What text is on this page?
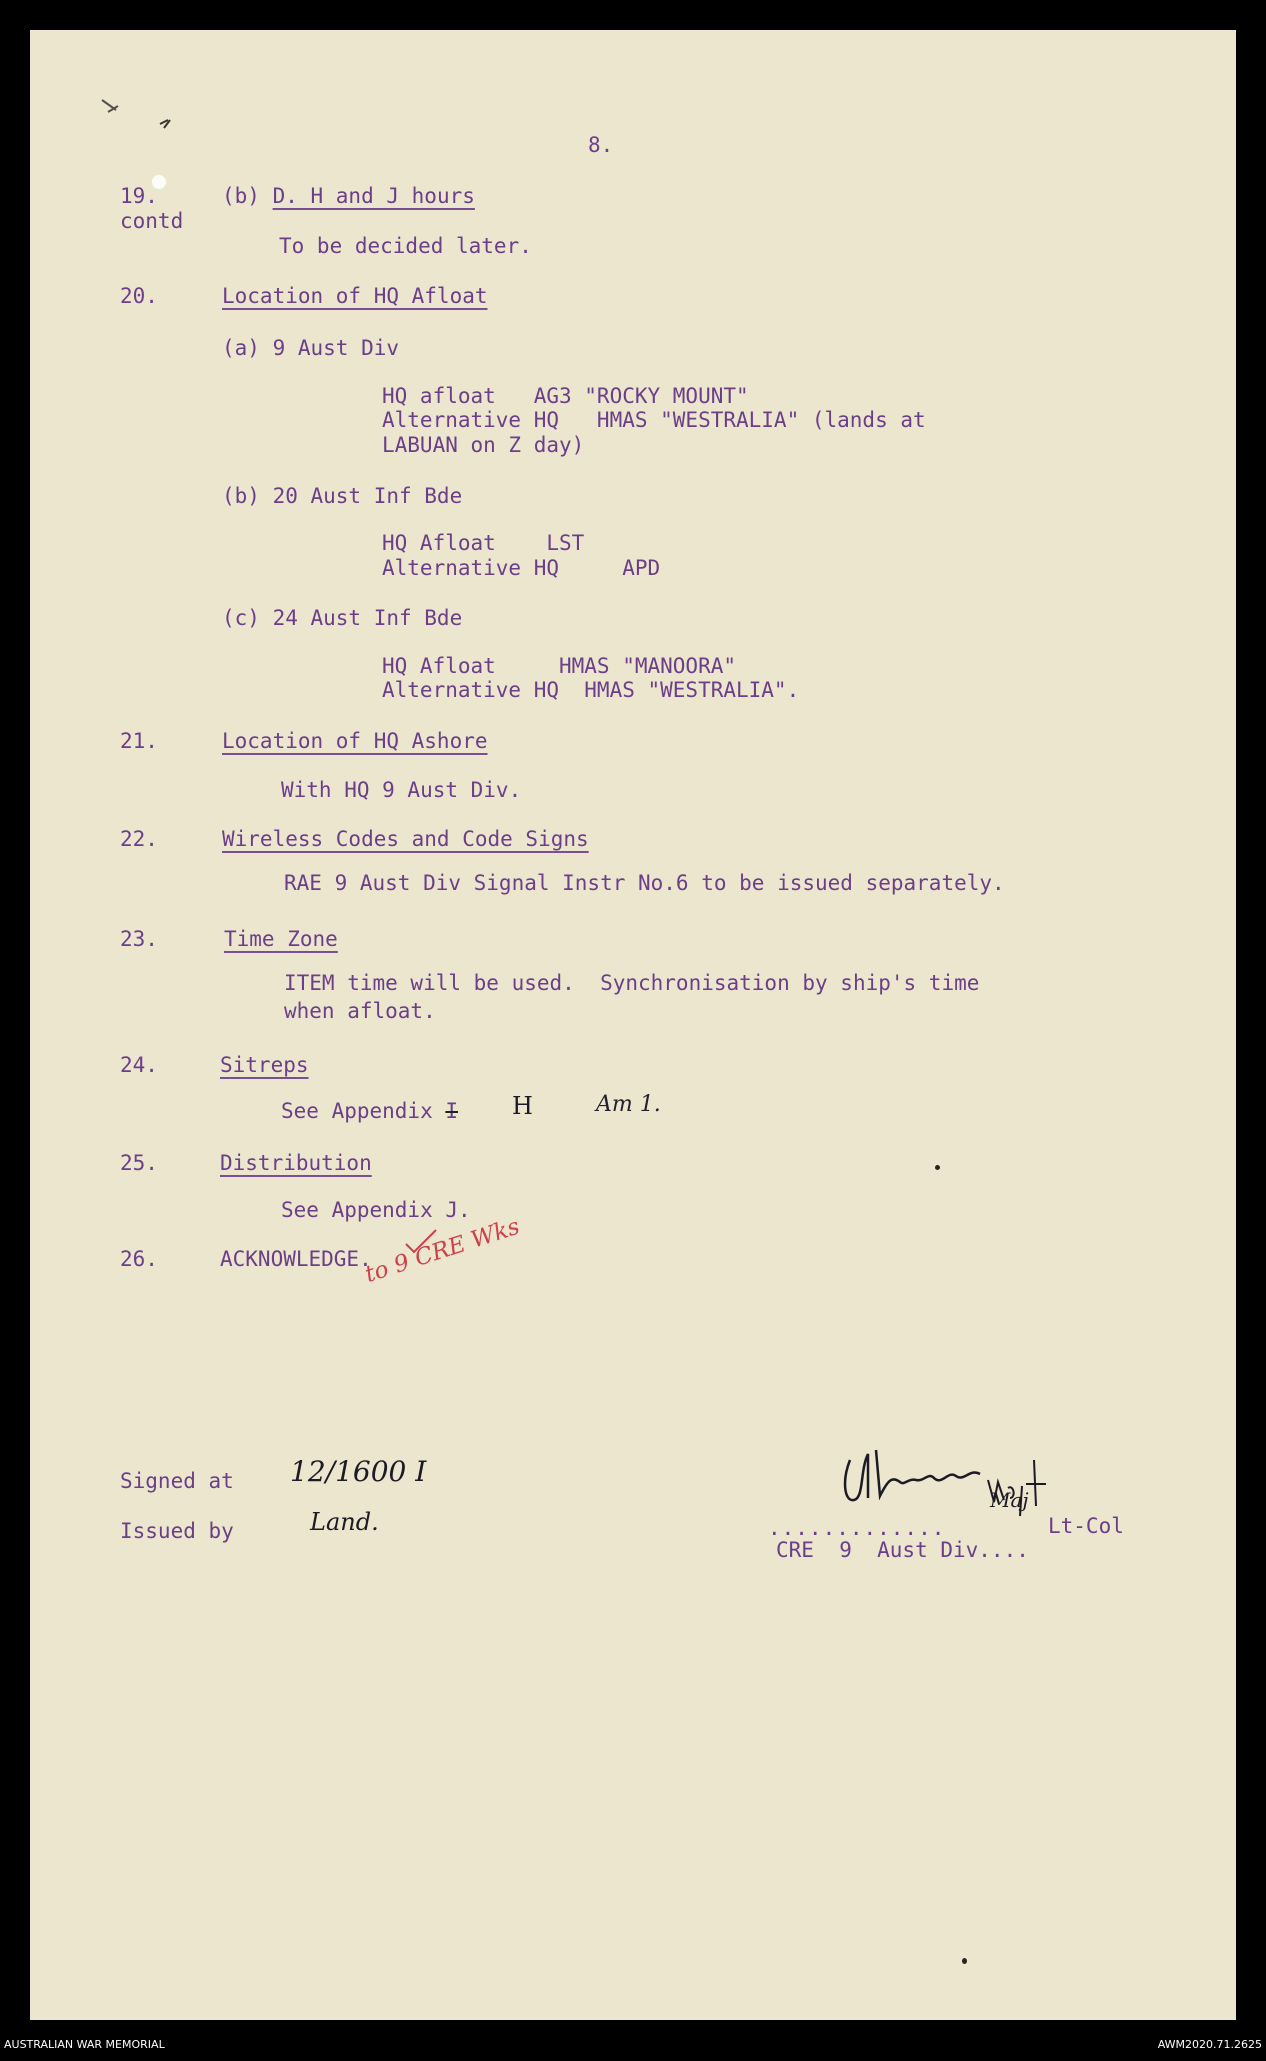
8.
19.
contd
(b) D. H and J hours
To be decided later.
20.	Location of HQ Afloat
(a) 9 Aust Div
HQ afloat   AG3 "ROCKY MOUNT"
Alternative HQ   HMAS "WESTRALIA" (lands at
LABUAN on Z day)
(b) 20 Aust Inf Bde
HQ Afloat    LST
Alternative HQ     APD
(c) 24 Aust Inf Bde
HQ Afloat     HMAS "MANOORA"
Alternative HQ  HMAS "WESTRALIA".
21.	Location of HQ Ashore
With HQ 9 Aust Div.
22.	Wireless Codes and Code Signs
RAE 9 Aust Div Signal Instr No.6 to be issued separately.
23.	Time Zone
ITEM time will be used.  Synchronisation by ship's time
when afloat.
24.	Sitreps
See Appendix I H	Am 1.
25.	Distribution
See Appendix J.
26.	ACKNOWLEDGE.
to 9 CRE Wks
Signed at 12/1600 I
Issued by	Land.	.............
Maj
Lt-Col
CRE  9  Aust Div....
AUSTRALIAN WAR MEMORIAL	AWM2020.71.2625
